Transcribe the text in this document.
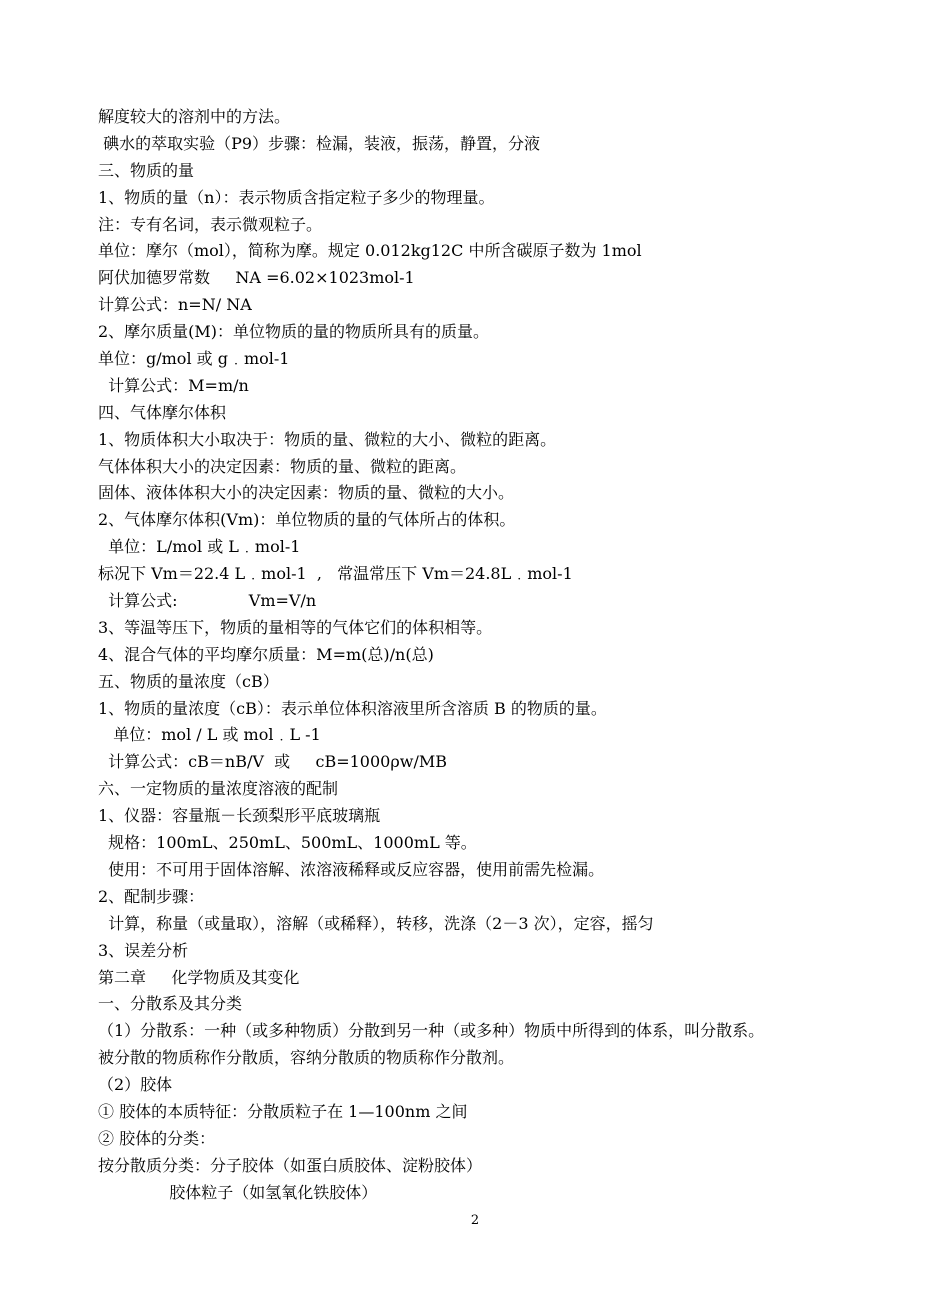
解度较大的溶剂中的方法。
碘水的萃取实验（P9）步骤：检漏，装液，振荡，静置，分液
三、物质的量
1、物质的量（n）：表示物质含指定粒子多少的物理量。
注：专有名词，表示微观粒子。
单位：摩尔（mol），简称为摩。规定 0.012kg12C 中所含碳原子数为 1mol
阿伏加德罗常数     NA =6.02×1023mol-1
计算公式：n=N/ NA
2、摩尔质量(M)：单位物质的量的物质所具有的质量。
单位：g/mol 或 g﹒mol-1
计算公式：M=m/n
四、气体摩尔体积
1、物质体积大小取决于：物质的量、微粒的大小、微粒的距离。
气体体积大小的决定因素：物质的量、微粒的距离。
固体、液体体积大小的决定因素：物质的量、微粒的大小。
2、气体摩尔体积(Vm)：单位物质的量的气体所占的体积。
单位：L/mol 或 L﹒mol-1
标况下 Vm＝22.4 L﹒mol-1  ,   常温常压下 Vm＝24.8L﹒mol-1
计算公式:              Vm=V/n
3、等温等压下，物质的量相等的气体它们的体积相等。
4、混合气体的平均摩尔质量：M=m(总)/n(总)
五、物质的量浓度（cB）
1、物质的量浓度（cB）：表示单位体积溶液里所含溶质 B 的物质的量。
单位：mol / L 或 mol﹒L -1
计算公式：cB＝nB/V  或     cB=1000ρw/MB
六、一定物质的量浓度溶液的配制
1、仪器：容量瓶－长颈梨形平底玻璃瓶
规格：100mL、250mL、500mL、1000mL 等。
使用：不可用于固体溶解、浓溶液稀释或反应容器，使用前需先检漏。
2、配制步骤：
计算，称量（或量取），溶解（或稀释），转移，洗涤（2－3 次），定容，摇匀
3、误差分析
第二章     化学物质及其变化
一、分散系及其分类
（1）分散系：一种（或多种物质）分散到另一种（或多种）物质中所得到的体系，叫分散系。
被分散的物质称作分散质，容纳分散质的物质称作分散剂。
（2）胶体
① 胶体的本质特征：分散质粒子在 1—100nm 之间
② 胶体的分类：
按分散质分类：分子胶体（如蛋白质胶体、淀粉胶体）
胶体粒子（如氢氧化铁胶体）
2
